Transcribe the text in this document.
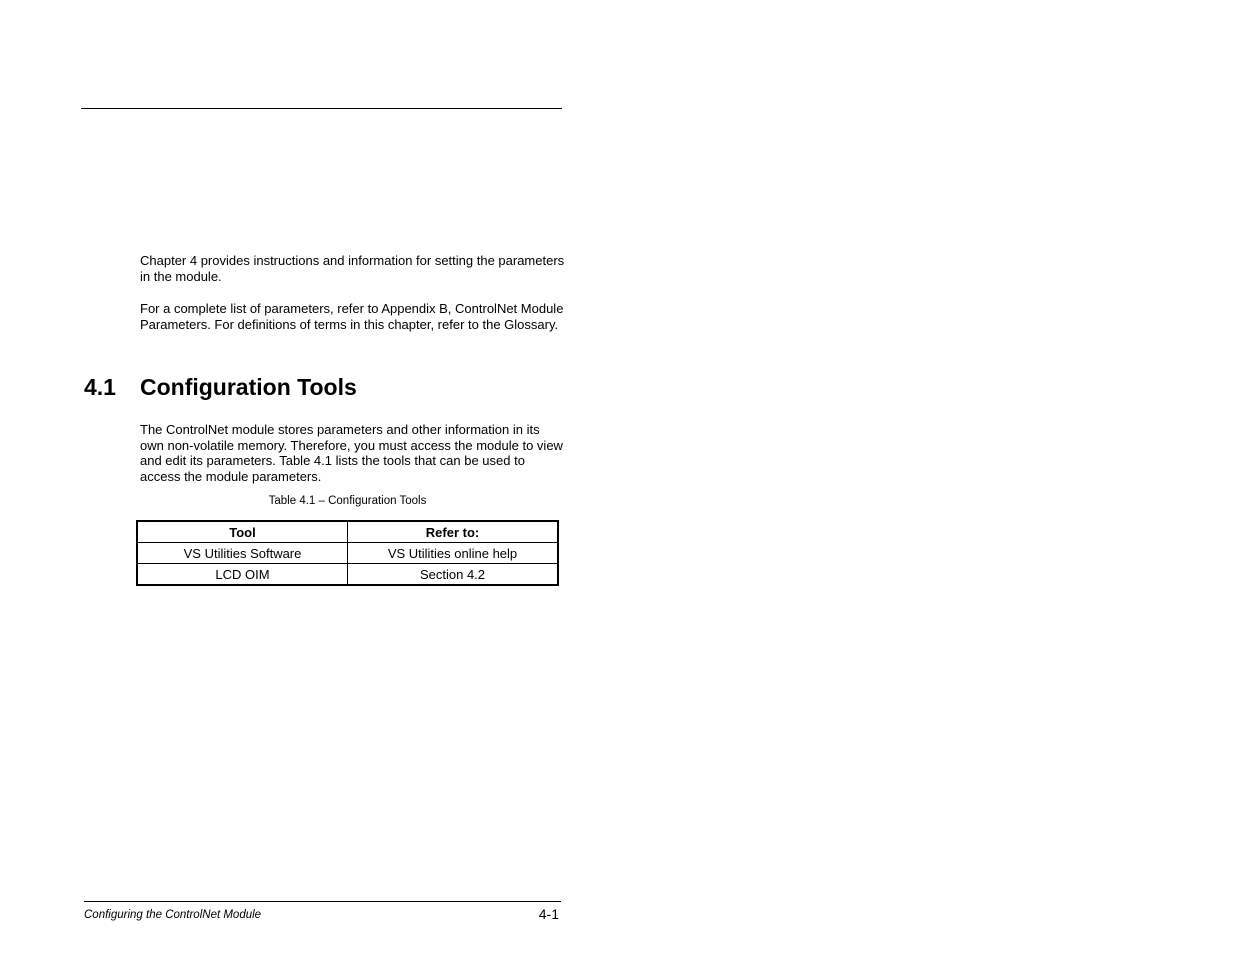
Chapter 4 provides instructions and information for setting the parameters in the module.

For a complete list of parameters, refer to Appendix B, ControlNet Module Parameters. For definitions of terms in this chapter, refer to the Glossary.

4.1 Configuration Tools

The ControlNet module stores parameters and other information in its own non-volatile memory. Therefore, you must access the module to view and edit its parameters. Table 4.1 lists the tools that can be used to access the module parameters.

Table 4.1 – Configuration Tools

Tool	Refer to:
VS Utilities Software	VS Utilities online help
LCD OIM	Section 4.2
Configuring the ControlNet Module	4-1
